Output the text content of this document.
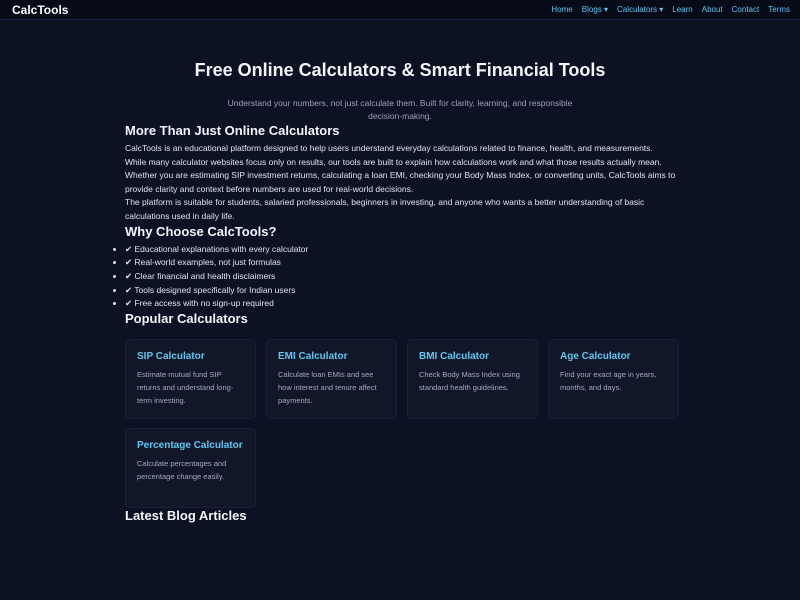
CalcTools	Home Blogs ▾ Calculators ▾ Learn About Contact Terms
Free Online Calculators & Smart Financial Tools

Understand your numbers, not just calculate them. Built for clarity, learning, and responsible decision-making.

More Than Just Online Calculators

CalcTools is an educational platform designed to help users understand everyday calculations related to finance, health, and measurements.

While many calculator websites focus only on results, our tools are built to explain how calculations work and what those results actually mean.

Whether you are estimating SIP investment returns, calculating a loan EMI, checking your Body Mass Index, or converting units, CalcTools aims to provide clarity and context before numbers are used for real-world decisions.

The platform is suitable for students, salaried professionals, beginners in investing, and anyone who wants a better understanding of basic calculations used in daily life.

Why Choose CalcTools?
• ✔ Educational explanations with every calculator
• ✔ Real-world examples, not just formulas
• ✔ Clear financial and health disclaimers
• ✔ Tools designed specifically for Indian users
• ✔ Free access with no sign-up required
Popular Calculators
SIP Calculator
Estimate mutual fund SIP returns and understand long-term investing.
EMI Calculator
Calculate loan EMIs and see how interest and tenure affect payments.
BMI Calculator
Check Body Mass Index using standard health guidelines.
Age Calculator
Find your exact age in years, months, and days.
Percentage Calculator
Calculate percentages and percentage change easily.
Latest Blog Articles
